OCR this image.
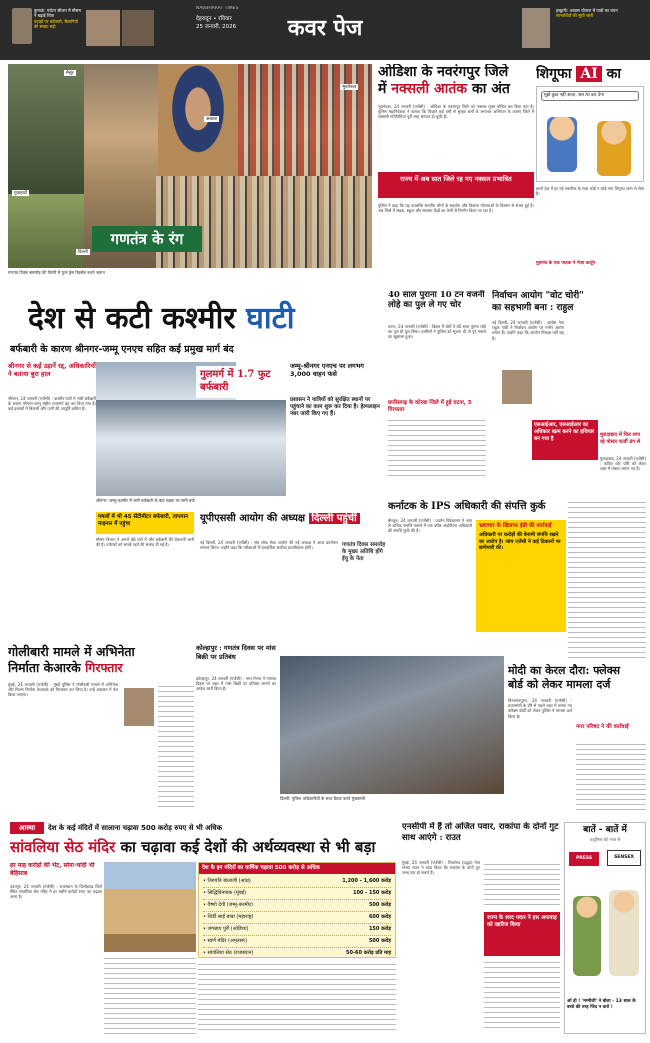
कुमाऊं: पर्यटन सीजन में मौसम ने बढ़ाई चिंता
पहाड़ों पर बर्फबारी, सैलानियों की संख्या बढ़ी
NAVBHARAT TIMES
देहरादून • रविवार
25 जनवरी, 2026	कवर पेज
हल्द्वानी: आवास योजना में पात्रों का चयन
लाभार्थियों की सूची जारी
मैसूर
अंबाला
गुवाहाटी
भुवनेश्वर
दिल्ली
गणतंत्र के रंग
गणतंत्र दिवस समारोह की तैयारी में फुल ड्रेस रिहर्सल करते जवान
ओडिशा के नवरंगपुर जिले
में नक्सली आतंक का अंत
भुवनेश्वर, 24 जनवरी (एजेंसी) : ओडिशा के नवरंगपुर जिले को नक्सल मुक्त घोषित कर दिया गया है। पुलिस महानिदेशक ने बताया कि पिछले कई वर्षों से सुरक्षा बलों के लगातार अभियान के कारण जिले में नक्सली गतिविधियां पूरी तरह समाप्त हो चुकी हैं।
राज्य में अब सात जिले रह गए नक्सल प्रभावित
पुलिस ने कहा कि यह उपलब्धि स्थानीय लोगों के सहयोग और विकास योजनाओं के विस्तार से संभव हुई है। अब जिले में सड़क, स्कूल और स्वास्थ्य केंद्रों का तेजी से निर्माण किया जा रहा है।
शिगूफा AI का
मुझे कुछ नहीं आता, सब AI कर देगा
हमारे देश में हर नई तकनीक के साथ कोई न कोई नया शिगूफा जन्म ले लेता है।
गुड़गांव के एक पाठक ने भेजा कार्टून
देश से कटी कश्मीर घाटी
बर्फबारी के कारण श्रीनगर-जम्मू एनएच सहित कई प्रमुख मार्ग बंद
श्रीनगर से कई उड़ानें रद्द, अधिकारियों ने बताया बुरा हाल
श्रीनगर, 24 जनवरी (एजेंसी) : कश्मीर घाटी में भारी बर्फबारी के कारण श्रीनगर-जम्मू राष्ट्रीय राजमार्ग बंद कर दिया गया है। कई इलाकों में बिजली और पानी की आपूर्ति बाधित है।
गुलमर्ग में 1.7 फुट बर्फबारी
जम्मू-श्रीनगर एनएच पर लगभग 3,000 वाहन फंसे
प्रशासन ने यात्रियों को सुरक्षित स्थानों पर पहुंचाने का काम शुरू कर दिया है। हेल्पलाइन नंबर जारी किए गए हैं।
श्रीनगर: जम्मू-कश्मीर में भारी बर्फबारी के बाद सड़क पर जमी बर्फ
गमलों में भी 45 सेंटीमीटर बर्फबारी, तापमान माइनस में पहुंचा
मौसम विभाग ने अगले 48 घंटों में और बर्फबारी की चेतावनी जारी की है। पर्यटकों को सतर्क रहने की सलाह दी गई है।
यूपीएससी आयोग की अध्यक्ष दिल्ली पहुंचीं
नई दिल्ली, 24 जनवरी (एजेंसी) : संघ लोक सेवा आयोग की नई अध्यक्ष ने आज कार्यभार संभाल लिया। उन्होंने कहा कि परीक्षाओं में पारदर्शिता सर्वोच्च प्राथमिकता होगी।	गणतंत्र दिवस समारोह के मुख्य अतिथि होंगे ईयू के नेता
40 साल पुराना 10 टन वजनी लोहे का पुल ले गए चोर
पटना, 24 जनवरी (एजेंसी) : बिहार में चोरों ने 40 साल पुराना लोहे का पुल ही चुरा लिया। ग्रामीणों ने पुलिस को सूचना दी तो पूरे मामले का खुलासा हुआ।
छत्तीसगढ़ के कोरबा जिले में हुई घटना, 5 गिरफ्तार
निर्वाचन आयोग "वोट चोरी"
का सहभागी बना : राहुल
नई दिल्ली, 24 जनवरी (एजेंसी) : कांग्रेस नेता राहुल गांधी ने निर्वाचन आयोग पर गंभीर आरोप लगाए हैं। उन्होंने कहा कि आयोग निष्पक्ष नहीं रहा है।
एसआईआर, एसआईआर का अधिकार खत्म करने का हथियार बन गया है
मुरादाबाद में फिर लगा रहे पोस्टर फर्जी ढंग से
मुरादाबाद, 24 जनवरी (एजेंसी) : कथित वोट चोरी को लेकर शहर में पोस्टर लगाए गए हैं।
कर्नाटक के IPS अधिकारी की संपत्ति कुर्क
बेंगलुरु, 24 जनवरी (एजेंसी) : प्रवर्तन निदेशालय ने आय से अधिक संपत्ति मामले में एक वरिष्ठ आईपीएस अधिकारी की संपत्ति कुर्क की है।
भ्रष्टाचार के खिलाफ ईडी की कार्रवाई
अधिकारी पर करोड़ों की बेनामी संपत्ति रखने का आरोप है। जांच एजेंसी ने कई ठिकानों पर छापेमारी की।
गोलीबारी मामले में अभिनेता
निर्माता केआरके गिरफ्तार
मुंबई, 24 जनवरी (एजेंसी) : मुंबई पुलिस ने गोलीबारी मामले में अभिनेता और फिल्म निर्माता केआरके को गिरफ्तार कर लिया है। उन्हें अदालत में पेश किया जाएगा।
कोल्हापुर : गणतंत्र दिवस पर मांस बिक्री पर प्रतिबंध
कोल्हापुर, 24 जनवरी (एजेंसी) : नगर निगम ने गणतंत्र दिवस पर शहर में मांस बिक्री पर प्रतिबंध लगाने का आदेश जारी किया है।
दिल्ली: पुलिस अधिकारियों के साथ बैठक करते मुख्यमंत्री
मोदी का केरल दौरा: फ्लेक्स
बोर्ड को लेकर मामला दर्ज
तिरुवनंतपुरम, 24 जनवरी (एजेंसी) : प्रधानमंत्री के दौरे से पहले शहर में लगाए गए फ्लेक्स बोर्डों को लेकर पुलिस ने मामला दर्ज किया है।
नगर परिषद ने की कार्रवाई
आस्था	देश के कई मंदिरों में सालाना चढ़ावा 500 करोड़ रुपए से भी अधिक
सांवलिया सेठ मंदिर का चढ़ावा कई देशों की अर्थव्यवस्था से भी बड़ा
हर माह करोड़ों की भेंट, सोना-चांदी भी बेहिसाब
उदयपुर, 24 जनवरी (एजेंसी) : राजस्थान के चित्तौड़गढ़ जिले स्थित सांवलिया सेठ मंदिर में हर महीने करोड़ों रुपए का चढ़ावा आता है।
देश के इन मंदिरों का वार्षिक चढ़ावा 500 करोड़ से अधिक
• तिरुपति बालाजी (आंध्र)	1,200 - 1,600 करोड़
• सिद्धिविनायक (मुंबई)	100 - 150 करोड़
• वैष्णो देवी (जम्मू-कश्मीर)	500 करोड़
• शिर्डी साईं बाबा (महाराष्ट्र)	600 करोड़
• जगन्नाथ पुरी (ओडिशा)	150 करोड़
• स्वर्ण मंदिर (अमृतसर)	500 करोड़
• सांवलिया सेठ (राजस्थान)	50-60 करोड़ प्रति माह
एनसीपी में हैं तो अजित पवार, राकांपा के दोनों गुट साथ आएंगे : राउत
मुंबई, 24 जनवरी (एजेंसी) : शिवसेना (उद्धव) नेता संजय राउत ने दावा किया कि राकांपा के दोनों गुट जल्द एक हो सकते हैं।
राज्य के शरद पवार ने इस अफवाह को खारिज किया
बातें - बातें में
कार्टूनिस्ट की नजर से
PRESS NOTE
SENSEX
ओ हो ! 'मम्मीजी' ने बोला - 13 साल के बच्चे की तरह जिद न करो !
